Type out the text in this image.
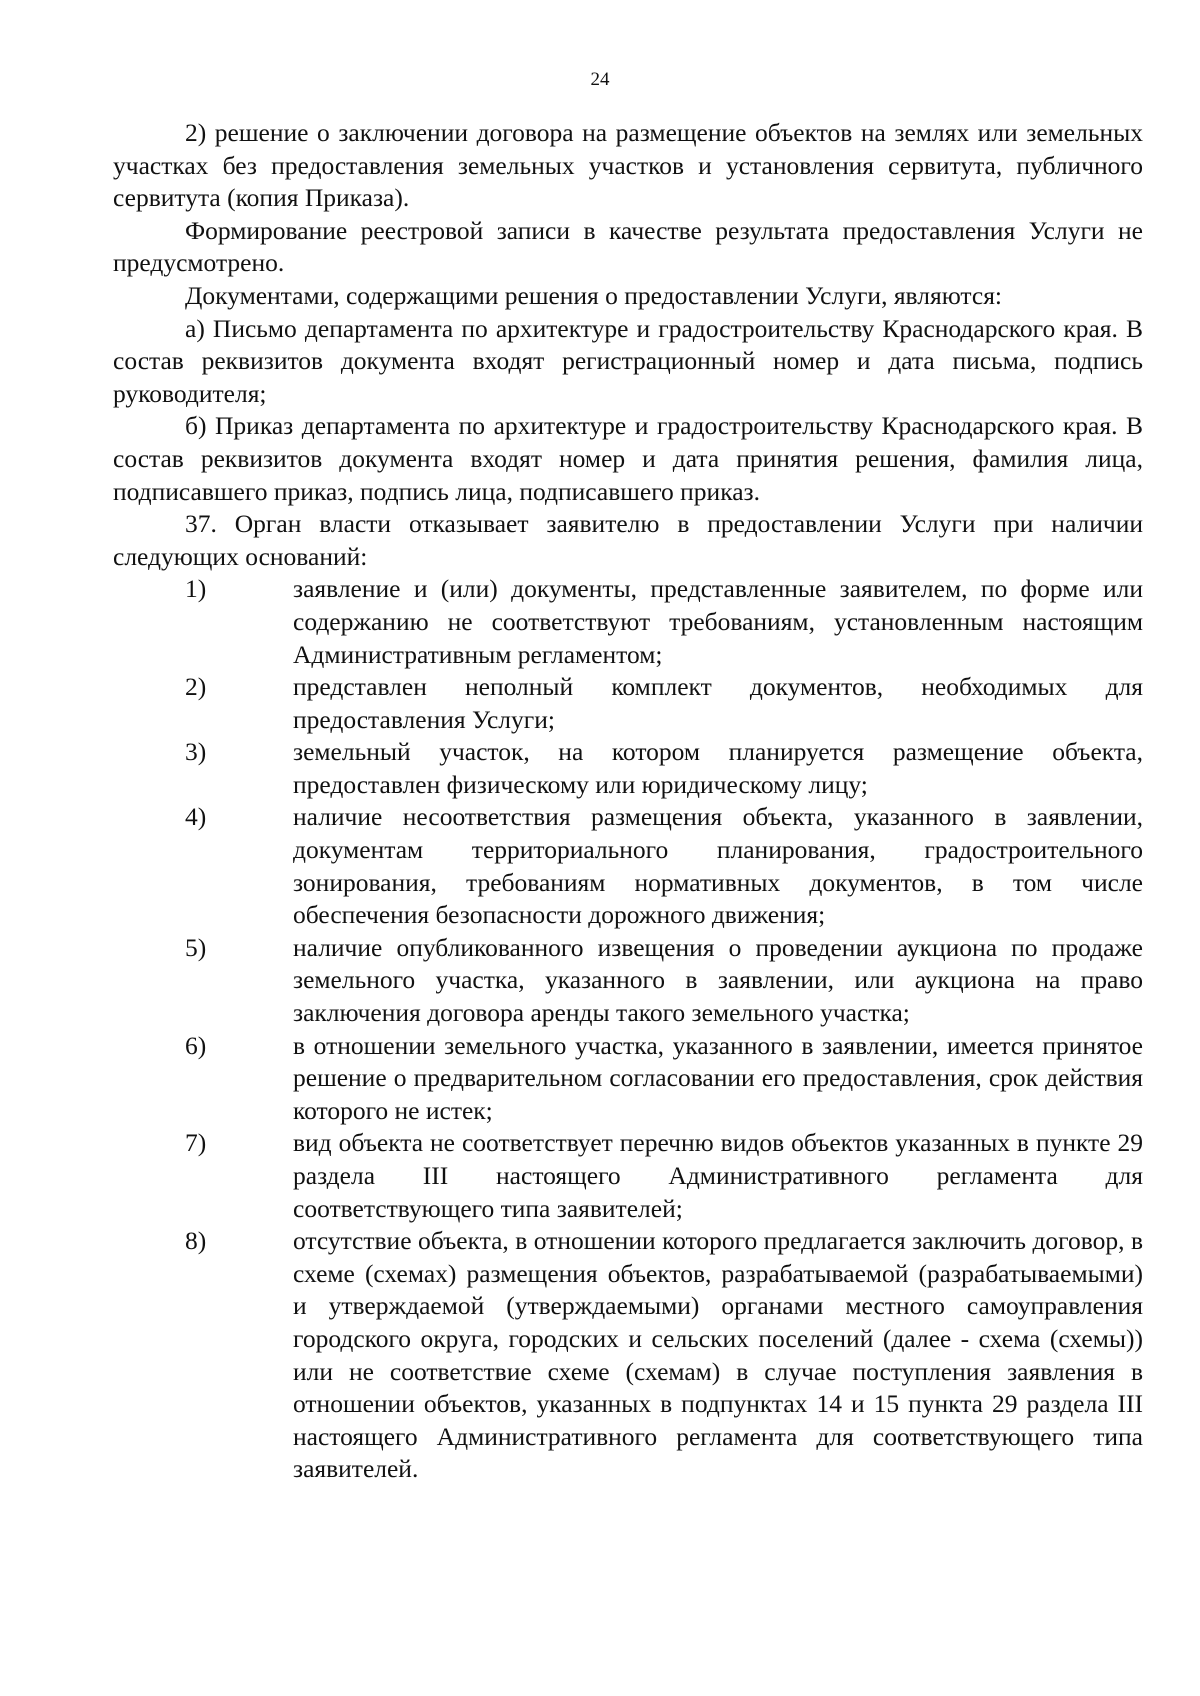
24

2) решение о заключении договора на размещение объектов на землях или земельных участках без предоставления земельных участков и установления сервитута, публичного сервитута (копия Приказа).

Формирование реестровой записи в качестве результата предоставления Услуги не предусмотрено.

Документами, содержащими решения о предоставлении Услуги, являются:

а) Письмо департамента по архитектуре и градостроительству Краснодарского края. В состав реквизитов документа входят регистрационный номер и дата письма, подпись руководителя;

б) Приказ департамента по архитектуре и градостроительству Краснодарского края. В состав реквизитов документа входят номер и дата принятия решения, фамилия лица, подписавшего приказ, подпись лица, подписавшего приказ.

37. Орган власти отказывает заявителю в предоставлении Услуги при наличии следующих оснований:

1)	заявление и (или) документы, представленные заявителем, по форме или содержанию не соответствуют требованиям, установленным настоящим Административным регламентом;
2)	представлен неполный комплект документов, необходимых для предоставления Услуги;
3)	земельный участок, на котором планируется размещение объекта, предоставлен физическому или юридическому лицу;
4)	наличие несоответствия размещения объекта, указанного в заявлении, документам территориального планирования, градостроительного зонирования, требованиям нормативных документов, в том числе обеспечения безопасности дорожного движения;
5)	наличие опубликованного извещения о проведении аукциона по продаже земельного участка, указанного в заявлении, или аукциона на право заключения договора аренды такого земельного участка;
6)	в отношении земельного участка, указанного в заявлении, имеется принятое решение о предварительном согласовании его предоставления, срок действия которого не истек;
7)	вид объекта не соответствует перечню видов объектов указанных в пункте 29 раздела III настоящего Административного регламента для соответствующего типа заявителей;
8)	отсутствие объекта, в отношении которого предлагается заключить договор, в схеме (схемах) размещения объектов, разрабатываемой (разрабатываемыми) и утверждаемой (утверждаемыми) органами местного самоуправления городского округа, городских и сельских поселений (далее - схема (схемы)) или не соответствие схеме (схемам) в случае поступления заявления в отношении объектов, указанных в подпунктах 14 и 15 пункта 29 раздела III настоящего Административного регламента для соответствующего типа заявителей.
